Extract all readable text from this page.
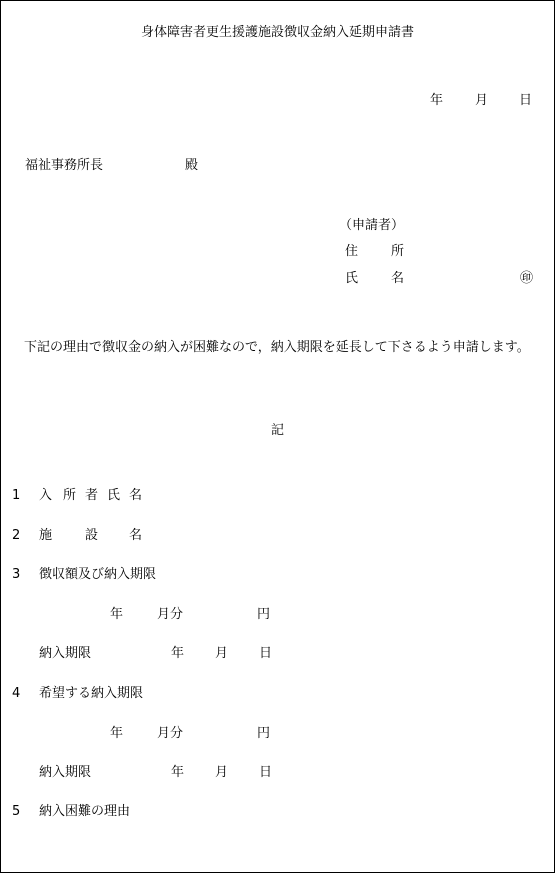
身体障害者更生援護施設徴収金納入延期申請書
年 月 日
福祉事務所長	殿
（申請者）
住	所
氏	名	㊞
下記の理由で徴収金の納入が困難なので，納入期限を延長して下さるよう申請します。
記
1 入 所 者 氏 名
2 施	設 名
3 徴収額及び納入期限
年	月分	円
納入期限	年 月 日
4 希望する納入期限
年	月分	円
納入期限	年 月 日
5 納入困難の理由
